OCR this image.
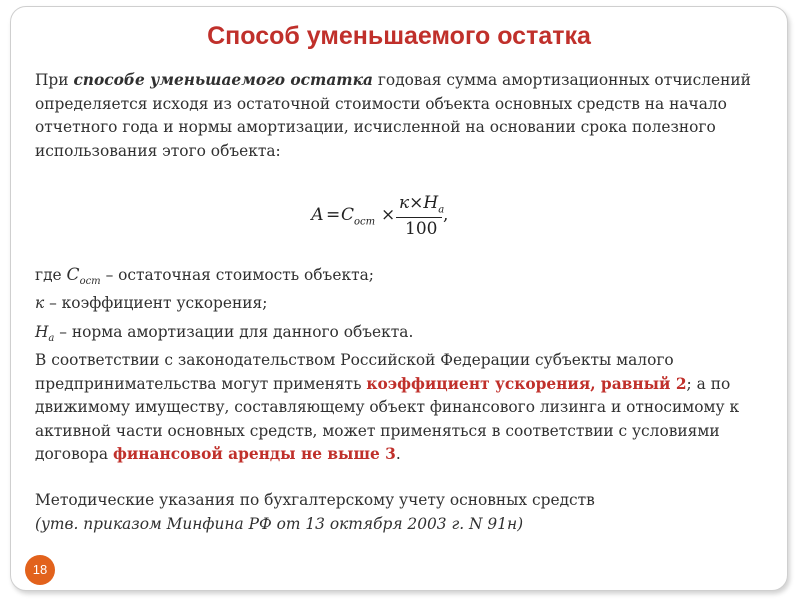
Способ уменьшаемого остатка
При способе уменьшаемого остатка годовая сумма амортизационных отчислений определяется исходя из остаточной стоимости объекта основных средств на начало отчетного года и нормы амортизации, исчисленной на основании срока полезного использования этого объекта:
$А = С_{ост}$ ×
$к\times Н_а$
100
,
где $С_{ост}$ – остаточная стоимость объекта;
к – коэффициент ускорения;
$Н_а$ – норма амортизации для данного объекта.
В соответствии с законодательством Российской Федерации субъекты малого предпринимательства могут применять коэффициент ускорения, равный 2; а по движимому имуществу, составляющему объект финансового лизинга и относимому к активной части основных средств, может применяться в соответствии с условиями договора финансовой аренды не выше 3.
Методические указания по бухгалтерскому учету основных средств
(утв. приказом Минфина РФ от 13 октября 2003 г. N 91н)
18
